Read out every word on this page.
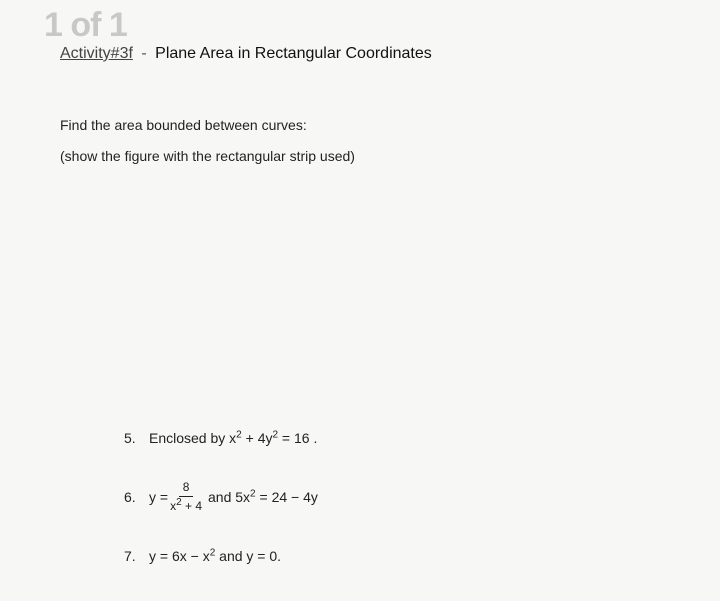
1 of 1
Activity#3f - Plane Area in Rectangular Coordinates
Find the area bounded between curves:
(show the figure with the rectangular strip used)
5. Enclosed by $x^2 + 4y^2 = 16$ .
6. $y = \frac{8}{x^2 + 4}$ and $5x^2 = 24 - 4y$
7. $y = 6x - x^2$ and y = 0.
